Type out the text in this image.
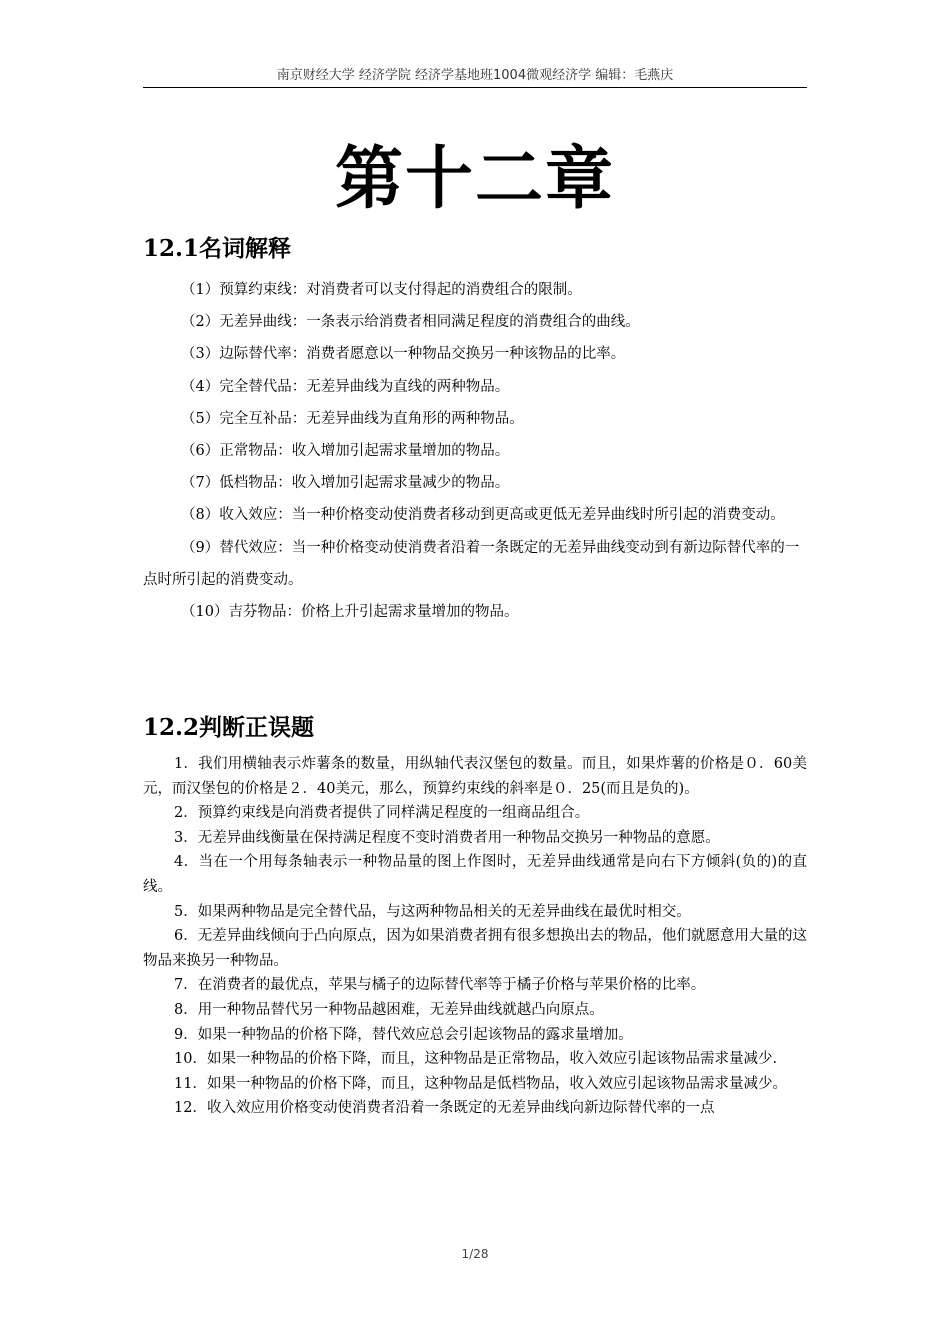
南京财经大学 经济学院 经济学基地班1004微观经济学 编辑：毛燕庆
第十二章
12.1名词解释
（1）预算约束线：对消费者可以支付得起的消费组合的限制。
（2）无差异曲线：一条表示给消费者相同满足程度的消费组合的曲线。
（3）边际替代率：消费者愿意以一种物品交换另一种该物品的比率。
（4）完全替代品：无差异曲线为直线的两种物品。
（5）完全互补品：无差异曲线为直角形的两种物品。
（6）正常物品：收入增加引起需求量增加的物品。
（7）低档物品：收入增加引起需求量减少的物品。
（8）收入效应：当一种价格变动使消费者移动到更高或更低无差异曲线时所引起的消费变动。
（9）替代效应：当一种价格变动使消费者沿着一条既定的无差异曲线变动到有新边际替代率的一点时所引起的消费变动。
（10）吉芬物品：价格上升引起需求量增加的物品。
12.2判断正误题
1．我们用横轴表示炸薯条的数量，用纵轴代表汉堡包的数量。而且，如果炸薯的价格是０．60美元，而汉堡包的价格是２．40美元，那么，预算约束线的斜率是０．25(而且是负的)。
2．预算约束线是向消费者提供了同样满足程度的一组商品组合。
3．无差异曲线衡量在保持满足程度不变时消费者用一种物品交换另一种物品的意愿。
4．当在一个用每条轴表示一种物品量的图上作图时，无差异曲线通常是向右下方倾斜(负的)的直线。
5．如果两种物品是完全替代品，与这两种物品相关的无差异曲线在最优时相交。
6．无差异曲线倾向于凸向原点，因为如果消费者拥有很多想换出去的物品，他们就愿意用大量的这物品来换另一种物品。
7．在消费者的最优点，苹果与橘子的边际替代率等于橘子价格与苹果价格的比率。
8．用一种物品替代另一种物品越困难，无差异曲线就越凸向原点。
9．如果一种物品的价格下降，替代效应总会引起该物品的露求量增加。
10．如果一种物品的价格下降，而且，这种物品是正常物品，收入效应引起该物品需求量减少.
11．如果一种物品的价格下降，而且，这种物品是低档物品，收入效应引起该物品需求量减少。
12．收入效应用价格变动使消费者沿着一条既定的无差异曲线向新边际替代率的一点
1/28
